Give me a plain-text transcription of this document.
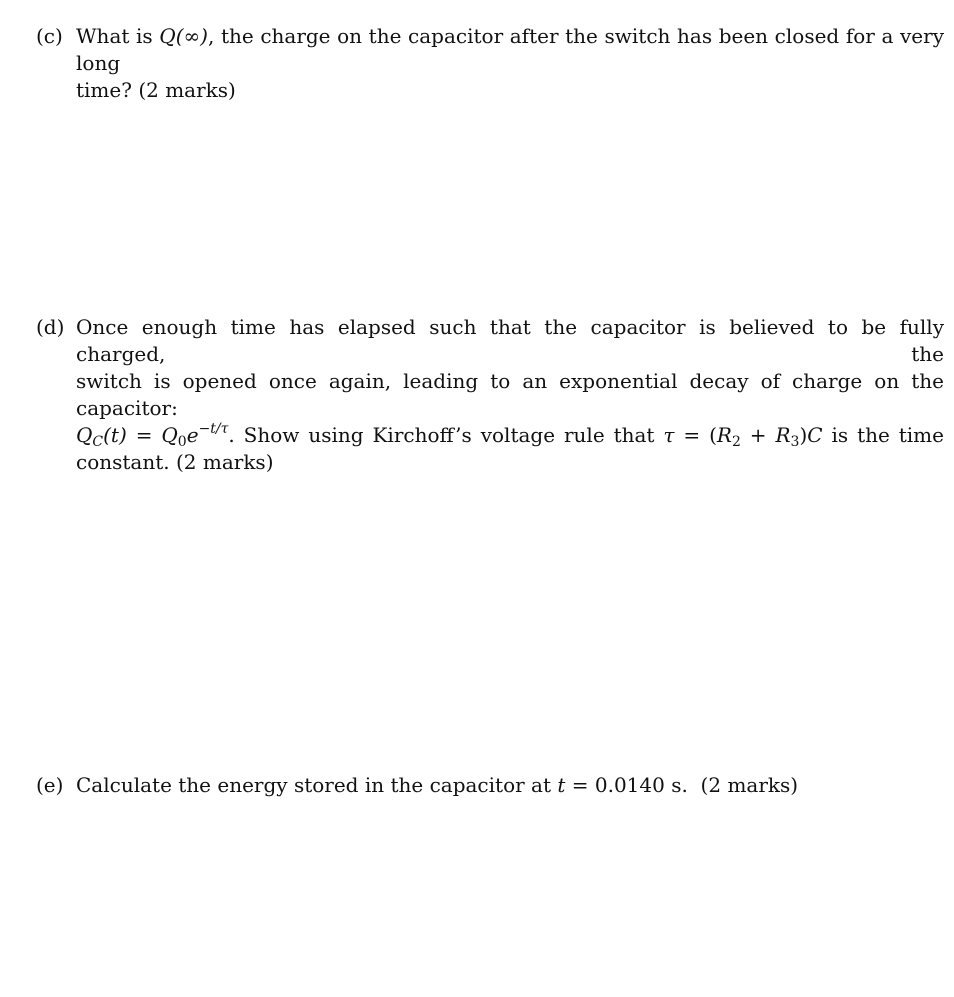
(c) What is Q(∞), the charge on the capacitor after the switch has been closed for a very long
time? (2 marks)
(d) Once enough time has elapsed such that the capacitor is believed to be fully charged, the
switch is opened once again, leading to an exponential decay of charge on the capacitor:
$Q_C(t) = Q_0e^{-t/\tau}$. Show using Kirchoff’s voltage rule that $\tau = (R_2 + R_3)C$ is the time
constant. (2 marks)
(e) Calculate the energy stored in the capacitor at t = 0.0140 s.  (2 marks)
